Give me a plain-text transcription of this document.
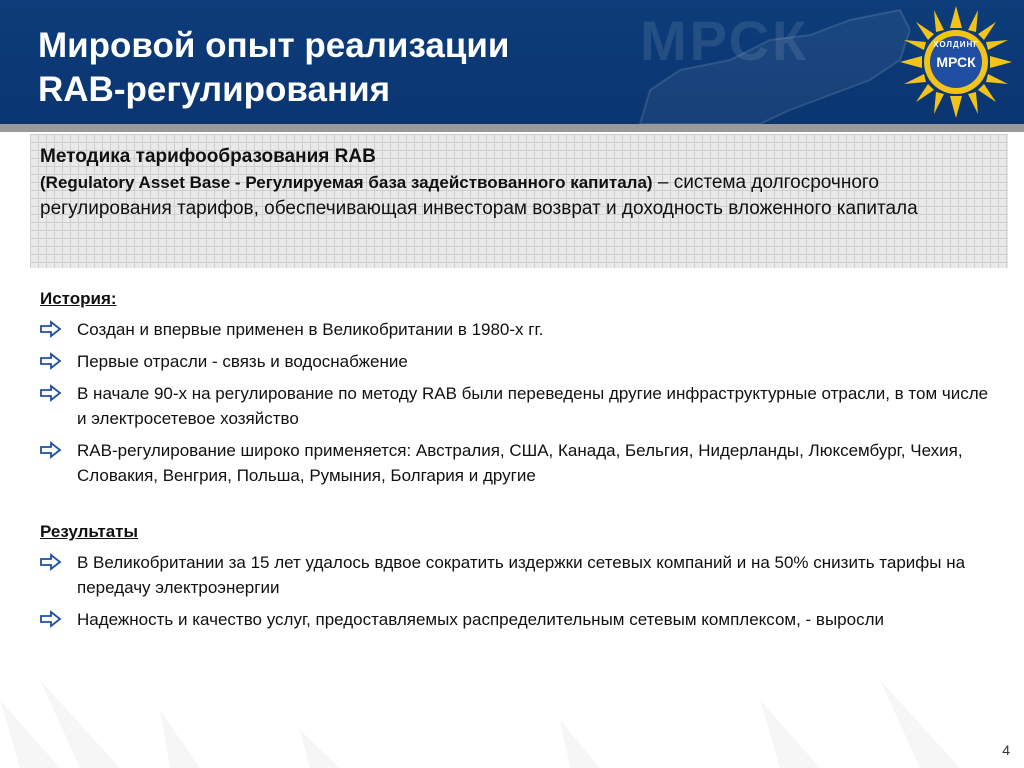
МРСК
Мировой опыт реализации
RAB-регулирования
ХОЛДИНГ
МРСК
Методика тарифообразования RAB
(Regulatory Asset Base - Регулируемая база задействованного капитала) – система долгосрочного регулирования тарифов, обеспечивающая инвесторам возврат и доходность вложенного капитала
История:
Создан и впервые применен в Великобритании в 1980-х гг.
Первые отрасли - связь и водоснабжение
В начале 90-х на регулирование по методу RAB были переведены другие инфраструктурные отрасли, в том числе и электросетевое хозяйство
RAB-регулирование широко применяется: Австралия, США, Канада, Бельгия, Нидерланды, Люксембург, Чехия, Словакия, Венгрия, Польша, Румыния, Болгария и другие
Результаты
В Великобритании за 15 лет удалось вдвое сократить издержки сетевых компаний и на 50% снизить тарифы на передачу электроэнергии
Надежность и качество услуг, предоставляемых распределительным сетевым комплексом, - выросли
4
